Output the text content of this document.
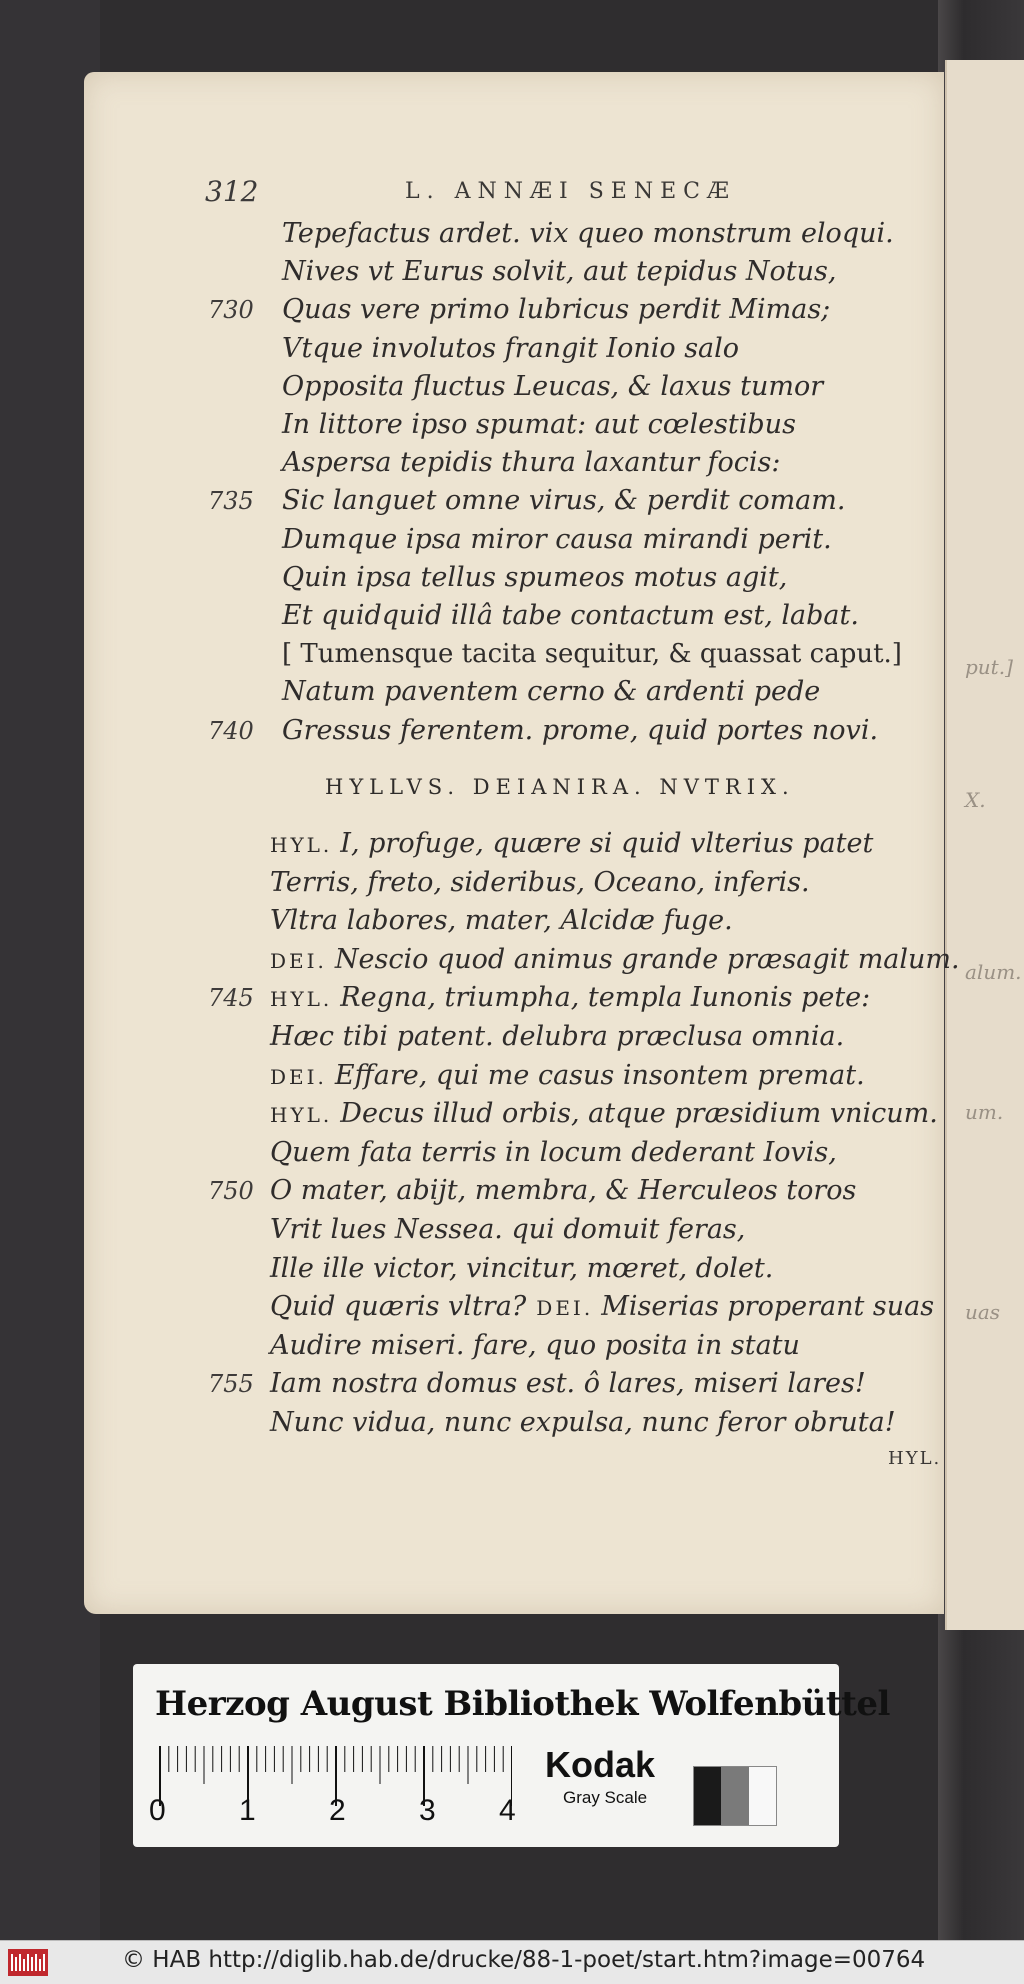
put.]
X.
alum.
um.
uas
312	L. ANNÆI SENECÆ
Tepefactus ardet. vix queo monstrum eloqui.
Nives vt Eurus solvit, aut tepidus Notus,
730 Quas vere primo lubricus perdit Mimas;
Vtque involutos frangit Ionio salo
Opposita fluctus Leucas, & laxus tumor
In littore ipso spumat: aut cœlestibus
Aspersa tepidis thura laxantur focis:
735 Sic languet omne virus, & perdit comam.
Dumque ipsa miror causa mirandi perit.
Quin ipsa tellus spumeos motus agit,
Et quidquid illâ tabe contactum est, labat.
[ Tumensque tacita sequitur, & quassat caput.]
Natum paventem cerno & ardenti pede
740 Gressus ferentem. prome, quid portes novi.
HYLLVS. DEIANIRA. NVTRIX.
HYL. I, profuge, quære si quid vlterius patet
Terris, freto, sideribus, Oceano, inferis.
Vltra labores, mater, Alcidæ fuge.
DEI. Nescio quod animus grande præsagit malum.
745 HYL. Regna, triumpha, templa Iunonis pete:
Hæc tibi patent. delubra præclusa omnia.
DEI. Effare, qui me casus insontem premat.
HYL. Decus illud orbis, atque præsidium vnicum.
Quem fata terris in locum dederant Iovis,
750 O mater, abijt, membra, & Herculeos toros
Vrit lues Nessea. qui domuit feras,
Ille ille victor, vincitur, mœret, dolet.
Quid quæris vltra? DEI. Miserias properant suas
Audire miseri. fare, quo posita in statu
755 Iam nostra domus est. ô lares, miseri lares!
Nunc vidua, nunc expulsa, nunc feror obruta!
HYL.
Herzog August Bibliothek Wolfenbüttel
0 1 2 3 4
Kodak
Gray Scale
© HAB http://diglib.hab.de/drucke/88-1-poet/start.htm?image=00764
